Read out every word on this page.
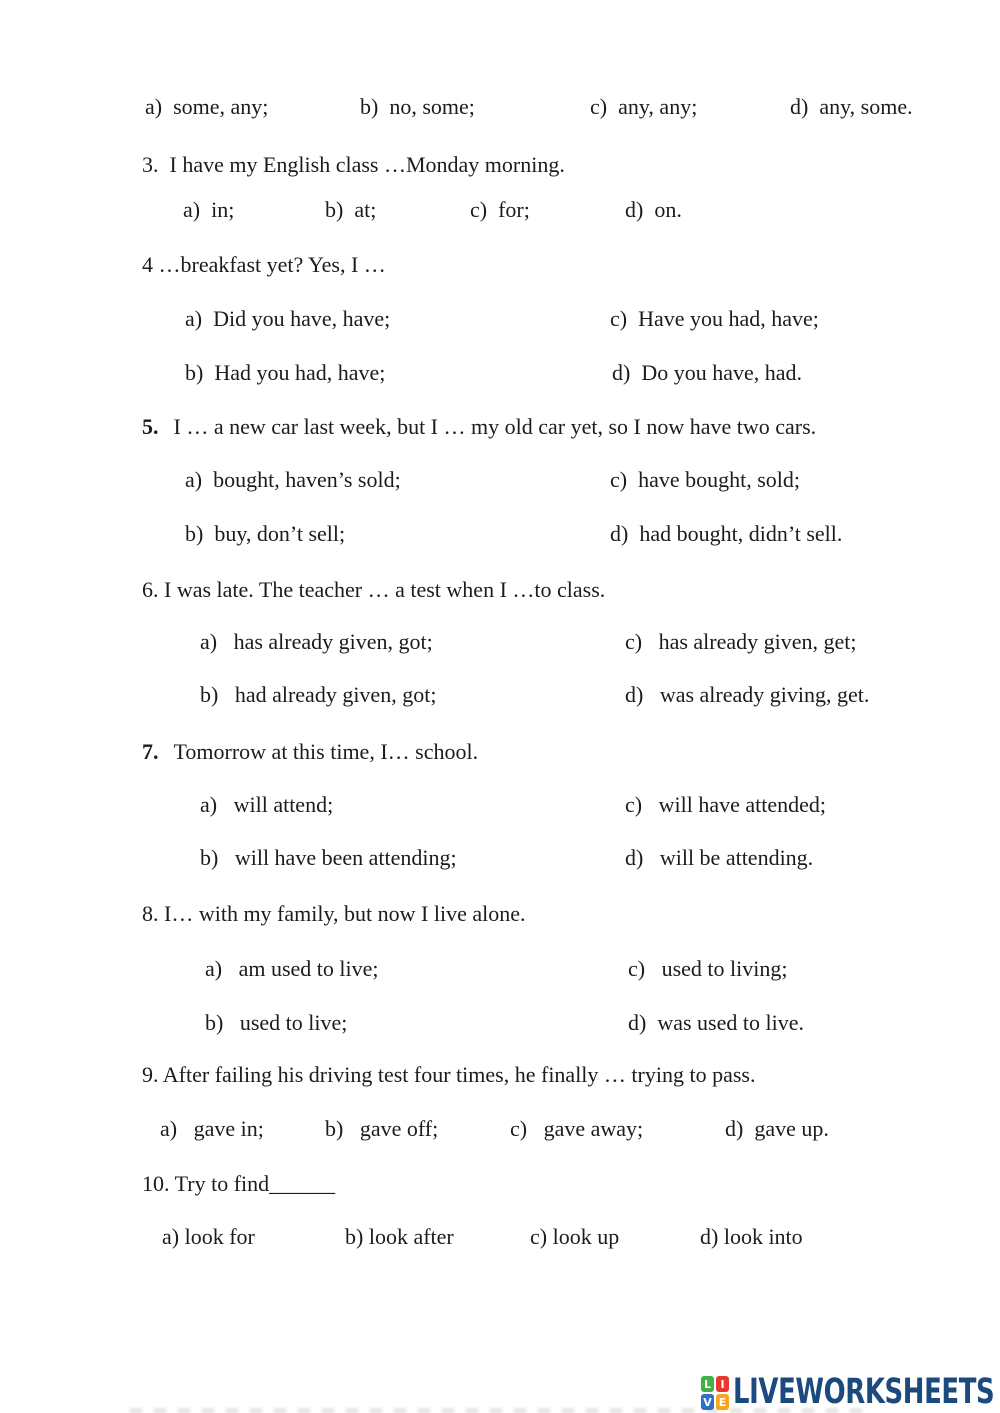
a)  some, any;

	b)  no, some;

	c)  any, any;

	d)  any, some.

3.  I have my English class …Monday morning.

a)  in;

	b)  at;

	c)  for;

	d)  on.

4 …breakfast yet? Yes, I …

a)  Did you have, have;

	c)  Have you had, have;

b)  Had you had, have;

	d)  Do you have, had.

5. I … a new car last week, but I … my old car yet, so I now have two cars.

a)  bought, haven’s sold;

	c)  have bought, sold;

b)  buy, don’t sell;

	d)  had bought, didn’t sell.

6. I was late. The teacher … a test when I …to class.

a)   has already given, got;

	c)   has already given, get;

b)   had already given, got;

	d)   was already giving, get.

7. Tomorrow at this time, I… school.

a)   will attend;

	c)   will have attended;

b)   will have been attending;

	d)   will be attending.

8. I… with my family, but now I live alone.

a)   am used to live;

	c)   used to living;

b)   used to live;

	d)  was used to live.

9. After failing his driving test four times, he finally … trying to pass.

a)   gave in;

	b)   gave off;

	c)   gave away;

	d)  gave up.

10. Try to find______

a) look for

	b) look after

	c) look up

	d) look into

L I
V E LIVEWORKSHEETS
